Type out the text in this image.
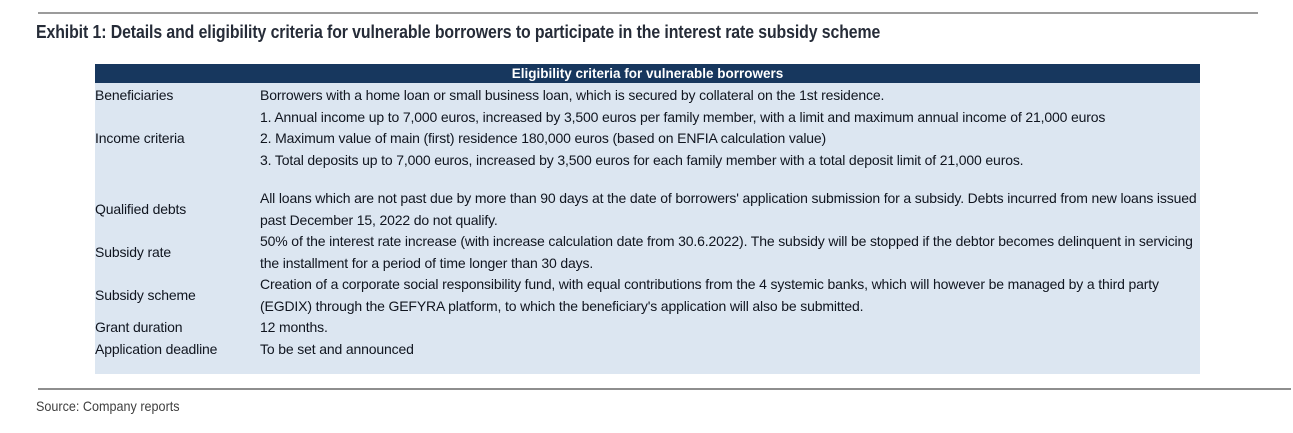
Exhibit 1: Details and eligibility criteria for vulnerable borrowers to participate in the interest rate subsidy scheme
Eligibility criteria for vulnerable borrowers
Beneficiaries	Borrowers with a home loan or small business loan, which is secured by collateral on the 1st residence.

Income criteria	1. Annual income up to 7,000 euros, increased by 3,500 euros per family member, with a limit and maximum annual income of 21,000 euros
2. Maximum value of main (first) residence 180,000 euros (based on ENFIA calculation value)
3. Total deposits up to 7,000 euros, increased by 3,500 euros for each family member with a total deposit limit of 21,000 euros.

Qualified debts	All loans which are not past due by more than 90 days at the date of borrowers' application submission for a subsidy. Debts incurred from new loans issued past December 15, 2022 do not qualify.

Subsidy rate	50% of the interest rate increase (with increase calculation date from 30.6.2022). The subsidy will be stopped if the debtor becomes delinquent in servicing the installment for a period of time longer than 30 days.

Subsidy scheme	Creation of a corporate social responsibility fund, with equal contributions from the 4 systemic banks, which will however be managed by a third party (EGDIX) through the GEFYRA platform, to which the beneficiary's application will also be submitted.

Grant duration	12 months.

Application deadline	To be set and announced
Source: Company reports
